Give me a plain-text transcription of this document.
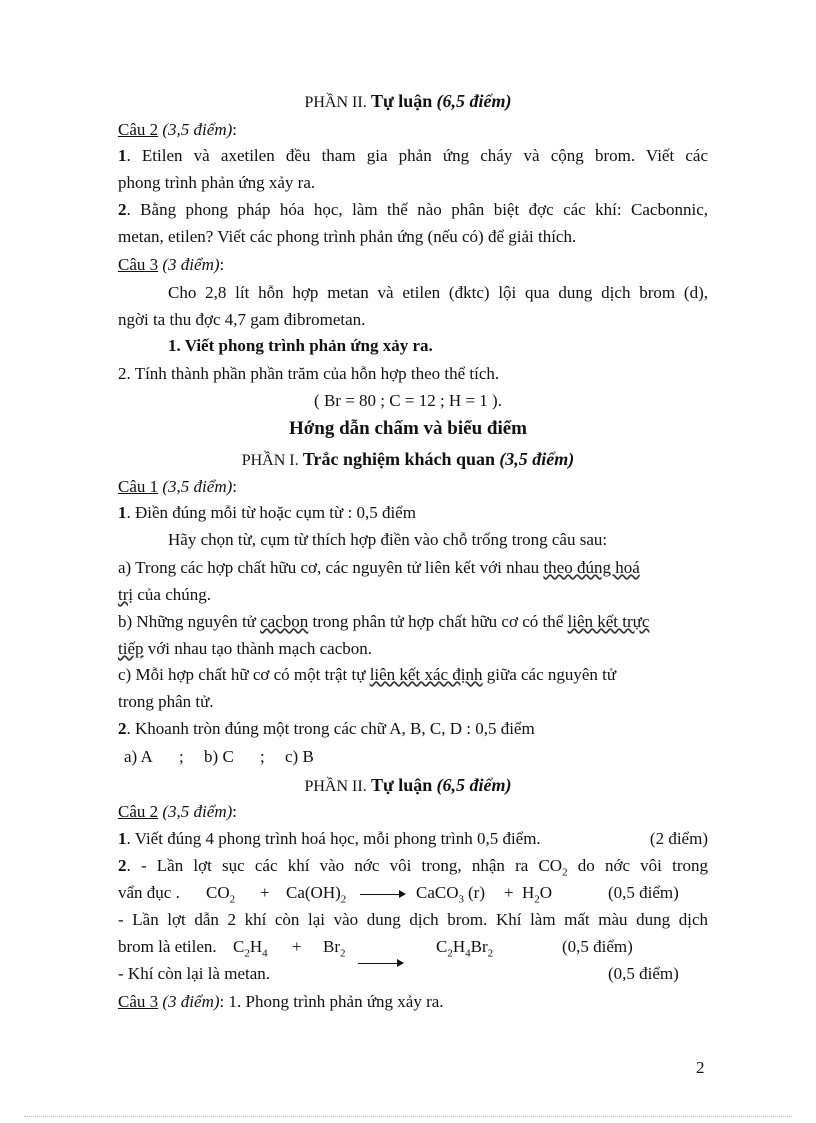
PHẦN II. Tự luận (6,5 điểm)
Câu 2 (3,5 điểm):
1. Etilen và axetilen đều tham gia phản ứng cháy và cộng brom. Viết các
phong trình phản ứng xảy ra.
2. Bằng phong pháp hóa học, làm thế nào phân biệt đợc các khí: Cacbonnic,
metan, etilen? Viết các phong trình phản ứng (nếu có) để giải thích.
Câu 3 (3 điểm):
Cho 2,8 lít hỗn hợp metan và etilen (đktc) lội qua dung dịch brom (d),
ngời ta thu đợc 4,7 gam đibrometan.
1. Viết phong trình phản ứng xảy ra.
2. Tính thành phần phần trăm của hỗn hợp theo thể tích.
( Br = 80 ; C = 12 ; H = 1 ).
Hớng dẫn chấm và biểu điểm
PHẦN I. Trắc nghiệm khách quan (3,5 điểm)
Câu 1 (3,5 điểm):
1. Điền đúng mỗi từ hoặc cụm từ : 0,5 điểm
Hãy chọn từ, cụm từ thích hợp điền vào chỗ trống trong câu sau:
a) Trong các hợp chất hữu cơ, các nguyên tử liên kết với nhau theo đúng hoá
trị của chúng.
b) Những nguyên tử cacbon trong phân tử hợp chất hữu cơ có thể liên kết trực
tiếp với nhau tạo thành mạch cacbon.
c) Mỗi hợp chất hữ cơ có một trật tự liên kết xác định giữa các nguyên tử
trong phân tử.
2. Khoanh tròn đúng một trong các chữ A, B, C, D : 0,5 điểm
a) A ; b) C ; c) B
PHẦN II. Tự luận (6,5 điểm)
Câu 2 (3,5 điểm):
1. Viết đúng 4 phong trình hoá học, mỗi phong trình 0,5 điểm.	(2 điểm)
2. - Lần lợt sục các khí vào nớc vôi trong, nhận ra $CO_2$ do nớc vôi trong
vẩn đục . $CO_2 + Ca(OH)_2$	CaCO$_3$ $(r) + H_2O$	(0,5 điểm)
- Lần lợt dẫn 2 khí còn lại vào dung dịch brom. Khí làm mất màu dung dịch
brom là etilen. $C_2H_4 + Br_2$	$C_2H_4Br_2$	(0,5 điểm)
- Khí còn lại là metan.	(0,5 điểm)
Câu 3 (3 điểm): 1. Phong trình phản ứng xảy ra.
2
